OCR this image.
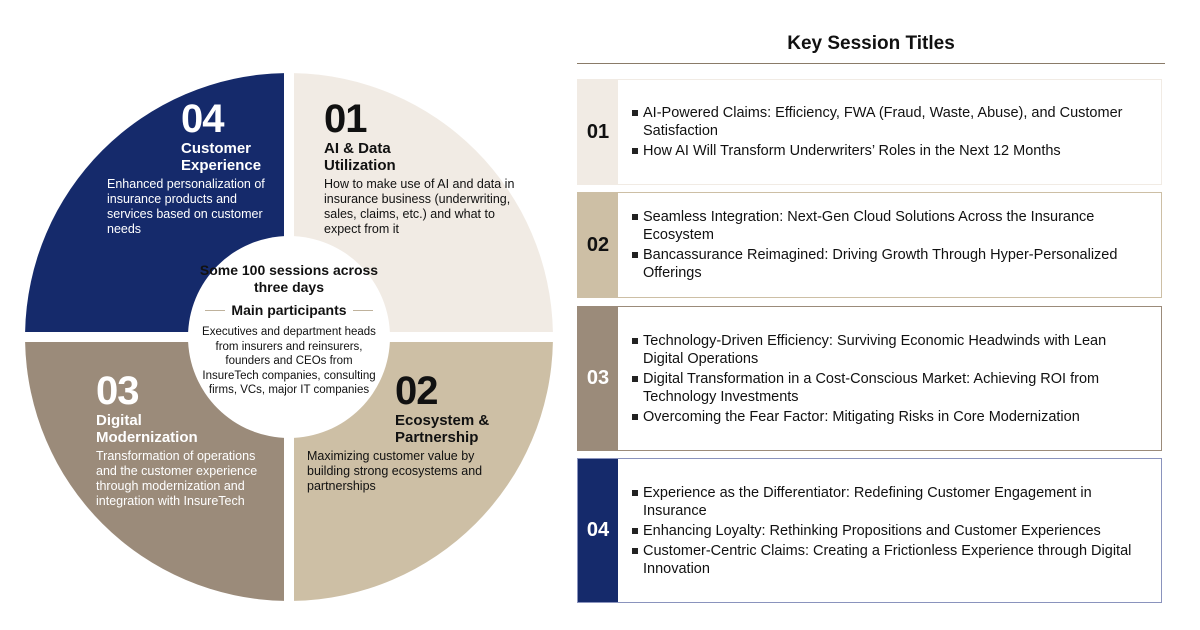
04
Customer Experience
Enhanced personalization of insurance products and services based on customer needs
01
AI & Data Utilization
How to make use of AI and data in insurance business (underwriting, sales, claims, etc.) and what to expect from it
03
Digital Modernization
Transformation of operations and the customer experience through modernization and integration with InsureTech
02
Ecosystem & Partnership
Maximizing customer value by building strong ecosystems and partnerships
Some 100 sessions across three days
Main participants
Executives and department heads from insurers and reinsurers, founders and CEOs from InsureTech companies, consulting firms, VCs, major IT companies
Key Session Titles
01
AI-Powered Claims: Efficiency, FWA (Fraud, Waste, Abuse), and Customer Satisfaction
How AI Will Transform Underwriters’ Roles in the Next 12 Months
02
Seamless Integration: Next-Gen Cloud Solutions Across the Insurance Ecosystem
Bancassurance Reimagined: Driving Growth Through Hyper-Personalized Offerings
03
Technology-Driven Efficiency: Surviving Economic Headwinds with Lean Digital Operations
Digital Transformation in a Cost-Conscious Market: Achieving ROI from Technology Investments
Overcoming the Fear Factor: Mitigating Risks in Core Modernization
04
Experience as the Differentiator: Redefining Customer Engagement in Insurance
Enhancing Loyalty: Rethinking Propositions and Customer Experiences
Customer-Centric Claims: Creating a Frictionless Experience through Digital Innovation
